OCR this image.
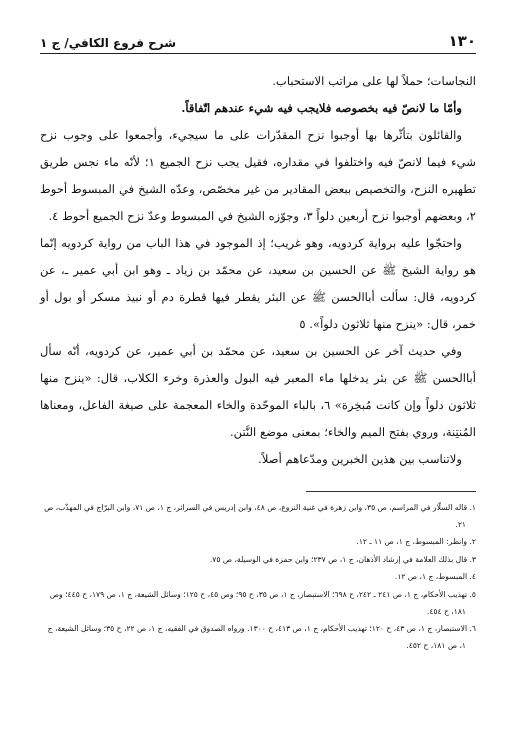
١٣٠
شرح فروع الكافي/ ج ١

النجاسات؛ حملاً لها على مراتب الاستحباب.

وأمّا ما لانصّ فيه بخصوصه فلايجب فيه شيء عندهم اتّفاقاً.

والقائلون بتأثّرها بها أوجبوا نزح المقدّرات على ما سيجيء، وأجمعوا على وجوب نزح شيء فيما لانصّ فيه واختلفوا في مقداره، فقيل يجب نزح الجميع ١؛ لأنّه ماء نجس طريق تطهيره النزح، والتخصيص ببعض المقادير من غير مخصّص، وعدّه الشيخ في المبسوط أحوط ٢، وبعضهم أوجبوا نزح أربعين دلواً ٣، وجوّزه الشيخ في المبسوط وعدّ نزح الجميع أحوط ٤.

واحتجّوا عليه برواية كردويه، وهو غريب؛ إذ الموجود في هذا الباب من رواية كردويه إنّما هو رواية الشيخ ﷺ عن الحسين بن سعيد، عن محمّد بن زياد ـ وهو ابن أبي عمير ـ، عن كردويه، قال: سألت أباالحسن ﷺ عن البئر يقطر فيها قطرة دم أو نبيذ مسكر أو بول أو خمر، قال: «ينزح منها ثلاثون دلواً». ٥

وفي حديث آخر عن الحسين بن سعيد، عن محمّد بن أبي عمير، عن كردويه، أنّه سأل أباالحسن ﷺ عن بئر يدخلها ماء المعبر فيه البول والعذرة وخرء الكلاب، قال: «ينزح منها ثلاثون دلواً وإن كانت مُبخِرة» ٦، بالباء الموحّدة والخاء المعجمة على صيغة الفاعل، ومعناها المُنتِنة، وروي بفتح الميم والخاء؛ بمعنى موضع النَّتن.

ولاتناسب بين هذين الخبرين ومدّعاهم أصلاً.

١. قاله السلّار في المراسم، ص ٣٥، وابن زهرة في غنية النزوع، ص ٤٨، وابن إدريس في السرائر، ج ١، ص ٧١، وابن البرّاج في المهذّب، ص ٢١.

٢. وانظر: المبسوط، ج ١، ص ١١ ـ ١٢.

٣. قال بذلك العلامة في إرشاد الأذهان، ج ١، ص ٢٣٧؛ وابن حمزة في الوسيلة، ص ٧٥.

٤. المبسوط، ج ١، ص ١٢.

٥. تهذيب الأحكام، ج ١، ص ٢٤١ ـ ٢٤٢، ح ٦٩٨؛ الاستبصار، ج ١، ص ٣٥، ح ٩٥؛ وص ٤٥، ح ١٢٥؛ وسائل الشيعة، ج ١، ص ١٧٩، ح ٤٤٥؛ وص ١٨١، ح ٤٥٤.

٦. الاستبصار، ج ١، ص ٤٣، ح ١٢٠؛ تهذيب الأحكام، ج ١، ص ٤١٣، ح ١٣٠٠. ورواه الصدوق في الفقيه، ج ١، ص ٢٢، ح ٣٥؛ وسائل الشيعة، ج ١، ص ١٨١، ح ٤٥٢.
